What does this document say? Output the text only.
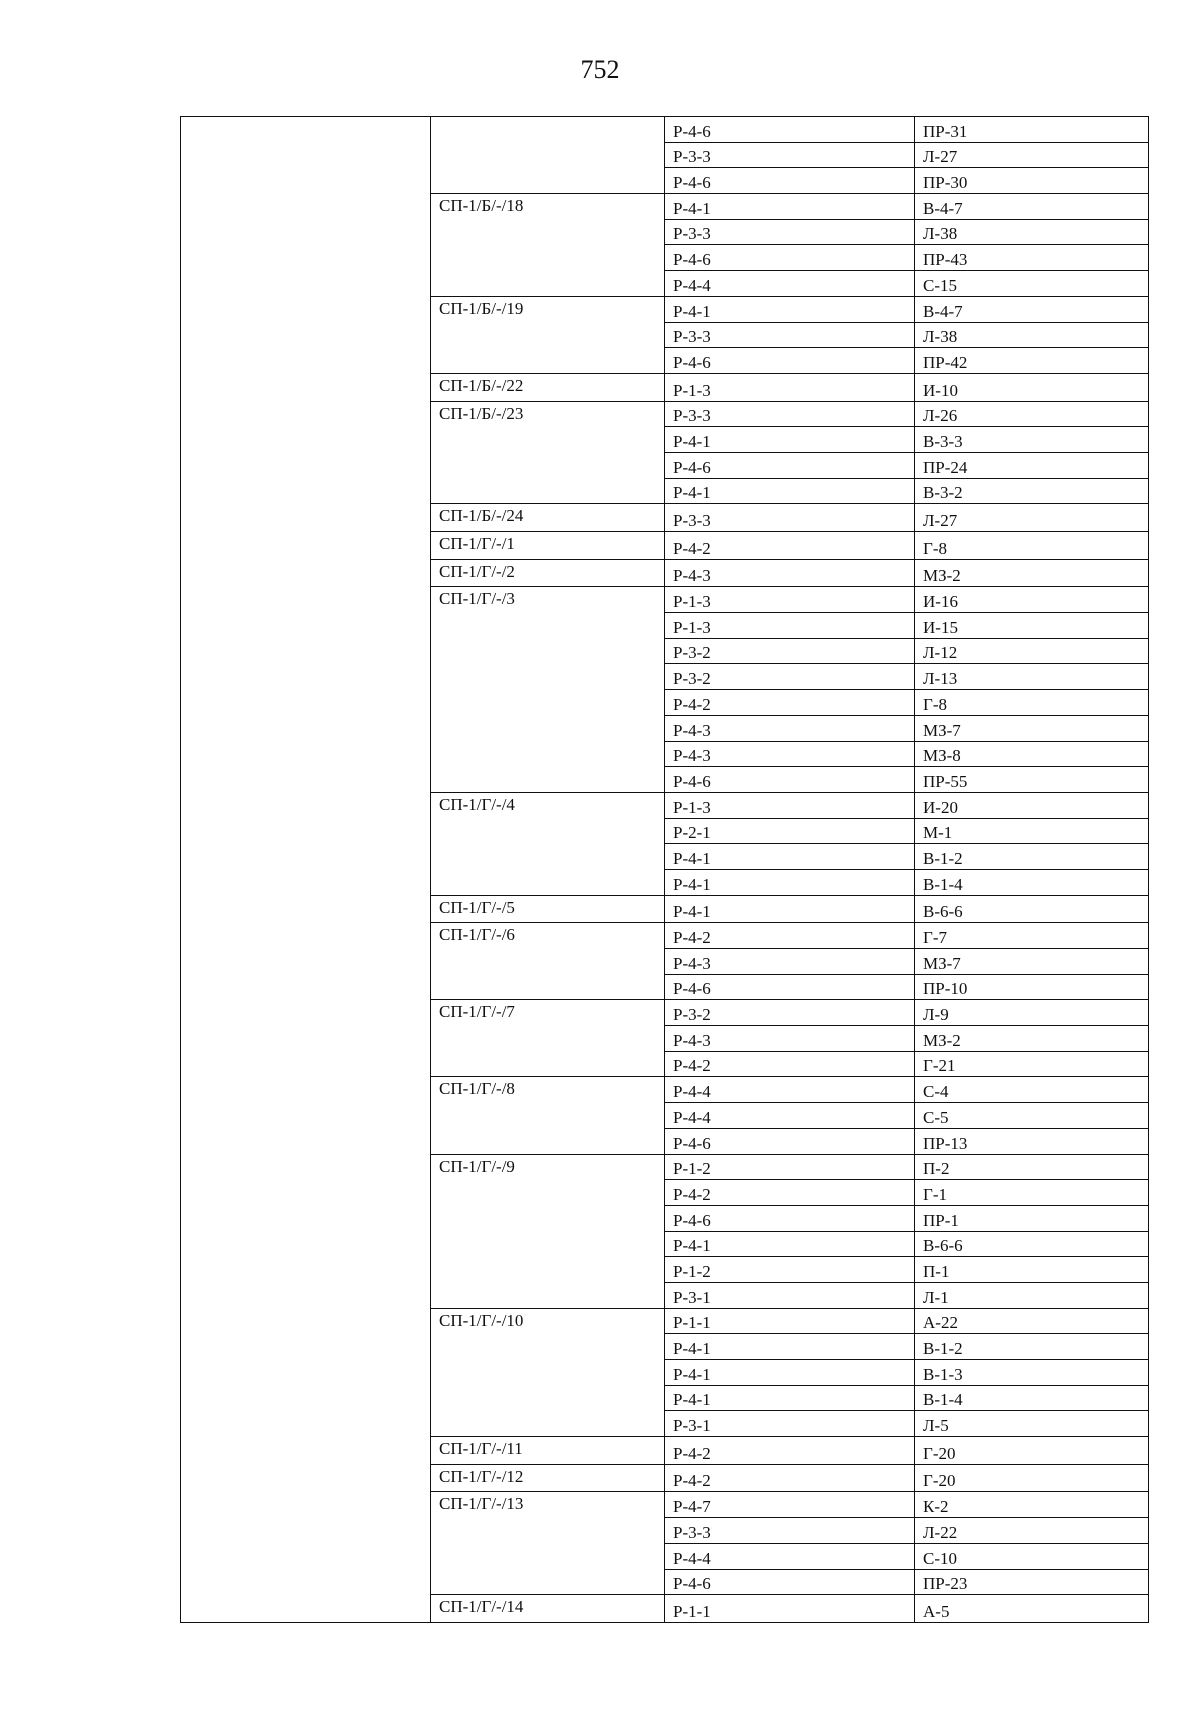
752
		Р-4-6	ПР-31
		Р-3-3	Л-27
		Р-4-6	ПР-30
	СП-1/Б/-/18	Р-4-1	В-4-7
		Р-3-3	Л-38
		Р-4-6	ПР-43
		Р-4-4	С-15
	СП-1/Б/-/19	Р-4-1	В-4-7
		Р-3-3	Л-38
		Р-4-6	ПР-42
	СП-1/Б/-/22	Р-1-3	И-10
	СП-1/Б/-/23	Р-3-3	Л-26
		Р-4-1	В-3-3
		Р-4-6	ПР-24
		Р-4-1	В-3-2
	СП-1/Б/-/24	Р-3-3	Л-27
	СП-1/Г/-/1	Р-4-2	Г-8
	СП-1/Г/-/2	Р-4-3	МЗ-2
	СП-1/Г/-/3	Р-1-3	И-16
		Р-1-3	И-15
		Р-3-2	Л-12
		Р-3-2	Л-13
		Р-4-2	Г-8
		Р-4-3	МЗ-7
		Р-4-3	МЗ-8
		Р-4-6	ПР-55
	СП-1/Г/-/4	Р-1-3	И-20
		Р-2-1	М-1
		Р-4-1	В-1-2
		Р-4-1	В-1-4
	СП-1/Г/-/5	Р-4-1	В-6-6
	СП-1/Г/-/6	Р-4-2	Г-7
		Р-4-3	МЗ-7
		Р-4-6	ПР-10
	СП-1/Г/-/7	Р-3-2	Л-9
		Р-4-3	МЗ-2
		Р-4-2	Г-21
	СП-1/Г/-/8	Р-4-4	С-4
		Р-4-4	С-5
		Р-4-6	ПР-13
	СП-1/Г/-/9	Р-1-2	П-2
		Р-4-2	Г-1
		Р-4-6	ПР-1
		Р-4-1	В-6-6
		Р-1-2	П-1
		Р-3-1	Л-1
	СП-1/Г/-/10	Р-1-1	А-22
		Р-4-1	В-1-2
		Р-4-1	В-1-3
		Р-4-1	В-1-4
		Р-3-1	Л-5
	СП-1/Г/-/11	Р-4-2	Г-20
	СП-1/Г/-/12	Р-4-2	Г-20
	СП-1/Г/-/13	Р-4-7	К-2
		Р-3-3	Л-22
		Р-4-4	С-10
		Р-4-6	ПР-23
	СП-1/Г/-/14	Р-1-1	А-5
